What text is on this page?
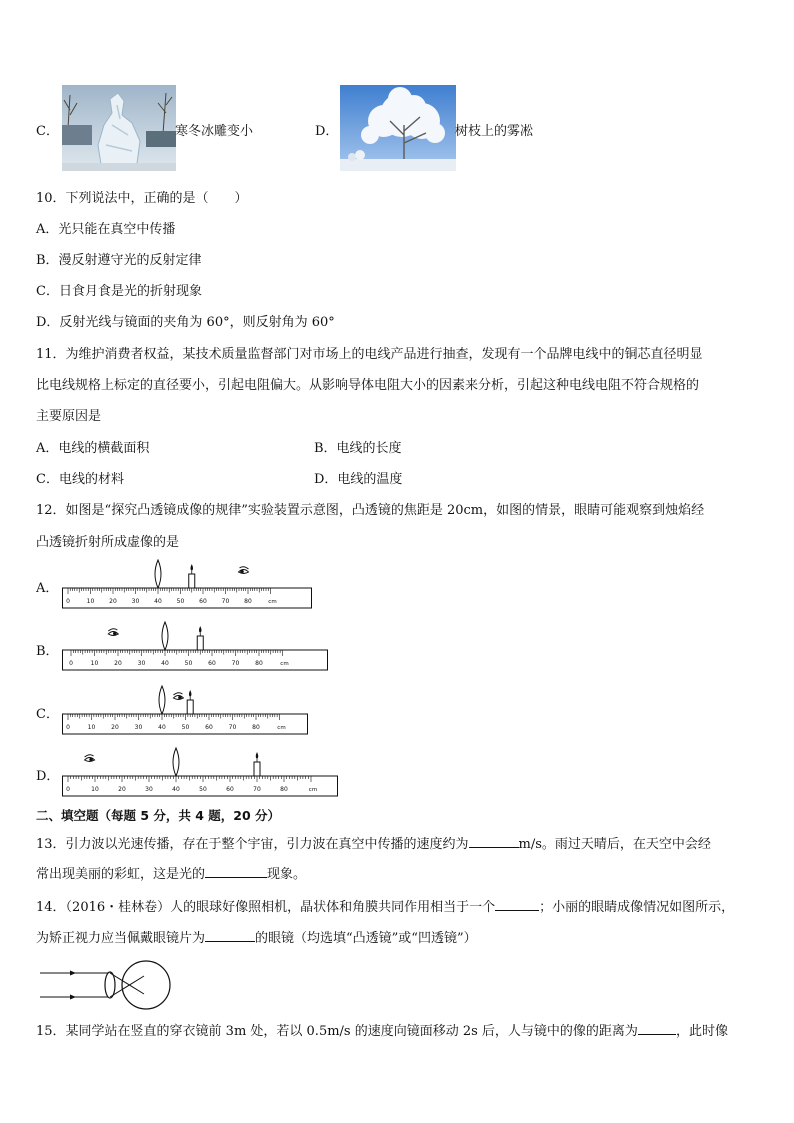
C．	寒冬冰雕变小	D．	树枝上的雾凇
10．下列说法中，正确的是（　　）
A．光只能在真空中传播
B．漫反射遵守光的反射定律
C．日食月食是光的折射现象
D．反射光线与镜面的夹角为 60°，则反射角为 60°
11．为维护消费者权益，某技术质量监督部门对市场上的电线产品进行抽查，发现有一个品牌电线中的铜芯直径明显
比电线规格上标定的直径要小，引起电阻偏大。从影响导体电阻大小的因素来分析，引起这种电线电阻不符合规格的
主要原因是
A．电线的横截面积	B．电线的长度
C．电线的材料	D．电线的温度
12．如图是“探究凸透镜成像的规律”实验装置示意图，凸透镜的焦距是 20cm，如图的情景，眼睛可能观察到烛焰经
凸透镜折射所成虚像的是
A．
0	10 20 30 40 50 60 70 80	cm
B．
0	10	20	30	40	50	60	70	80	cm
C．
0	10	20	30	40	50	60	70	80	cm
D．
0	10	20	30	40	50	60	70	80	cm
二、填空题（每题 5 分，共 4 题，20 分）
13．引力波以光速传播，存在于整个宇宙，引力波在真空中传播的速度约为	m/s。雨过天晴后，在天空中会经
常出现美丽的彩虹，这是光的	现象。
14．（2016・桂林卷）人的眼球好像照相机，晶状体和角膜共同作用相当于一个	；小丽的眼睛成像情况如图所示，
为矫正视力应当佩戴眼镜片为	的眼镜（均选填“凸透镜”或“凹透镜”）
15．某同学站在竖直的穿衣镜前 3m 处，若以 0.5m/s 的速度向镜面移动 2s 后，人与镜中的像的距离为	，此时像
